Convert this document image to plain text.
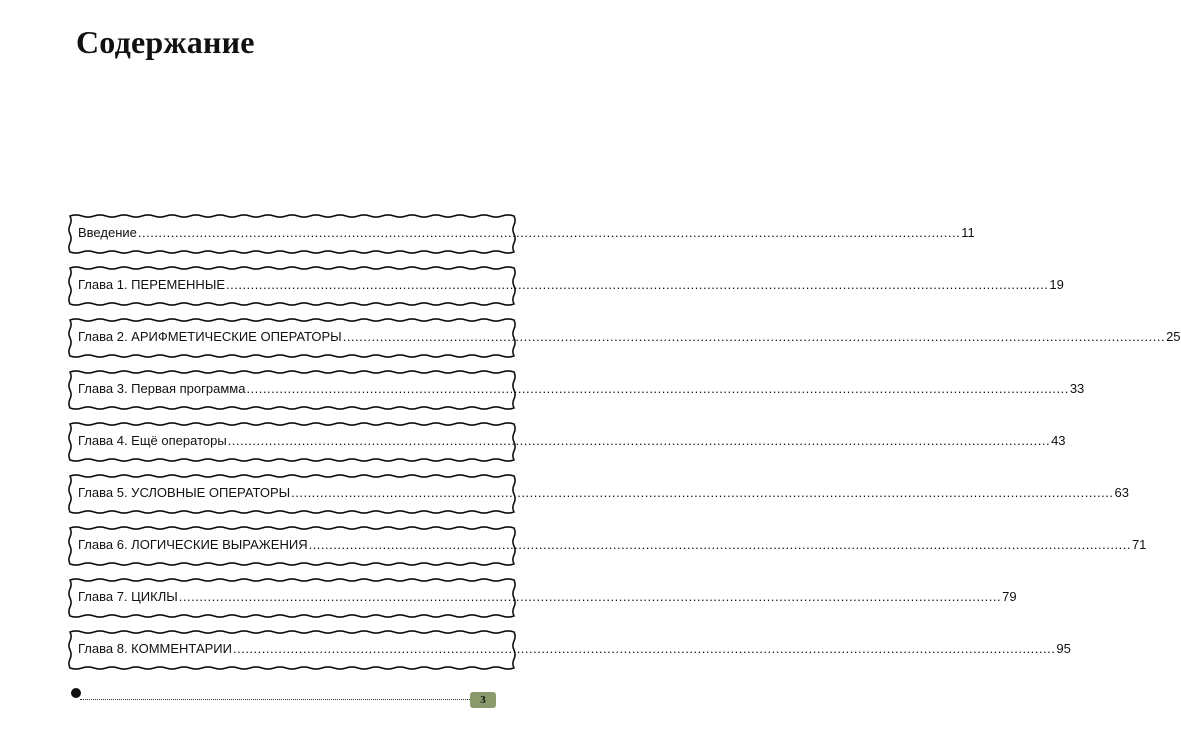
Содержание
Введение ........................................................................................................................................................................................................ 11
Глава 1. ПЕРЕМЕННЫЕ ........................................................................................................................................................................................................ 19
Глава 2. АРИФМЕТИЧЕСКИЕ ОПЕРАТОРЫ ........................................................................................................................................................................................................ 25
Глава 3. Первая программа ........................................................................................................................................................................................................ 33
Глава 4. Ещё операторы ........................................................................................................................................................................................................ 43
Глава 5. УСЛОВНЫЕ ОПЕРАТОРЫ ........................................................................................................................................................................................................ 63
Глава 6. ЛОГИЧЕСКИЕ ВЫРАЖЕНИЯ ........................................................................................................................................................................................................ 71
Глава 7. ЦИКЛЫ ........................................................................................................................................................................................................ 79
Глава 8. КОММЕНТАРИИ ........................................................................................................................................................................................................ 95
3
